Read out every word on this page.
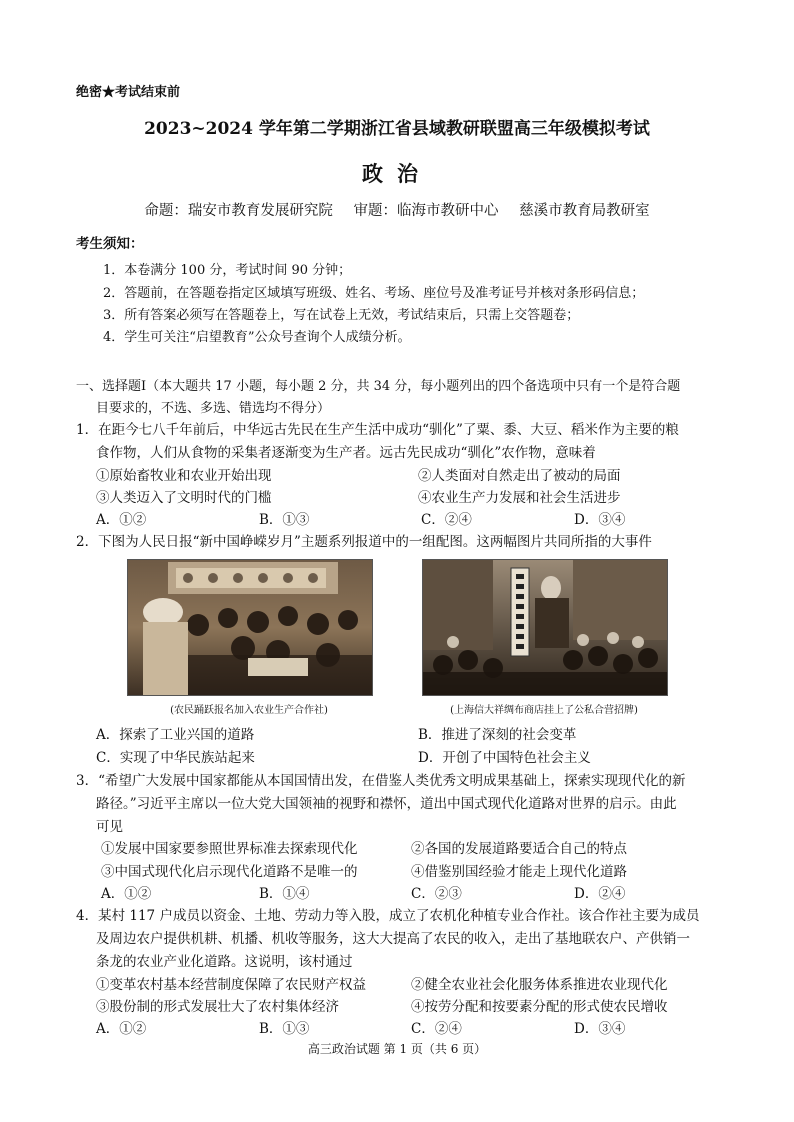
绝密★考试结束前
2023~2024 学年第二学期浙江省县域教研联盟高三年级模拟考试
政治
命题：瑞安市教育发展研究院 审题：临海市教研中心 慈溪市教育局教研室
考生须知：
1．本卷满分 100 分，考试时间 90 分钟；
2．答题前，在答题卷指定区域填写班级、姓名、考场、座位号及准考证号并核对条形码信息；
3．所有答案必须写在答题卷上，写在试卷上无效，考试结束后，只需上交答题卷；
4．学生可关注“启望教育”公众号查询个人成绩分析。
一、选择题Ⅰ（本大题共 17 小题，每小题 2 分，共 34 分，每小题列出的四个备选项中只有一个是符合题
目要求的，不选、多选、错选均不得分）
1．在距今七八千年前后，中华远古先民在生产生活中成功“驯化”了粟、黍、大豆、稻米作为主要的粮
食作物，人们从食物的采集者逐渐变为生产者。远古先民成功“驯化”农作物，意味着
①原始畜牧业和农业开始出现	②人类面对自然走出了被动的局面
③人类迈入了文明时代的门槛	④农业生产力发展和社会生活进步
A．①②	B．①③	C．②④	D．③④
2．下图为人民日报“新中国峥嵘岁月”主题系列报道中的一组配图。这两幅图片共同所指的大事件
(农民踊跃报名加入农业生产合作社)	(上海信大祥绸布商店挂上了公私合营招牌)
A．探索了工业兴国的道路	B．推进了深刻的社会变革
C．实现了中华民族站起来	D．开创了中国特色社会主义
3．“希望广大发展中国家都能从本国国情出发，在借鉴人类优秀文明成果基础上，探索实现现代化的新
路径。”习近平主席以一位大党大国领袖的视野和襟怀，道出中国式现代化道路对世界的启示。由此
可见
①发展中国家要参照世界标准去探索现代化	②各国的发展道路要适合自己的特点
③中国式现代化启示现代化道路不是唯一的	④借鉴别国经验才能走上现代化道路
A．①②	B．①④	C．②③	D．②④
4．某村 117 户成员以资金、土地、劳动力等入股，成立了农机化种植专业合作社。该合作社主要为成员
及周边农户提供机耕、机播、机收等服务，这大大提高了农民的收入，走出了基地联农户、产供销一
条龙的农业产业化道路。这说明，该村通过
①变革农村基本经营制度保障了农民财产权益	②健全农业社会化服务体系推进农业现代化
③股份制的形式发展壮大了农村集体经济	④按劳分配和按要素分配的形式使农民增收
A．①②	B．①③	C．②④	D．③④
高三政治试题 第 1 页（共 6 页）
